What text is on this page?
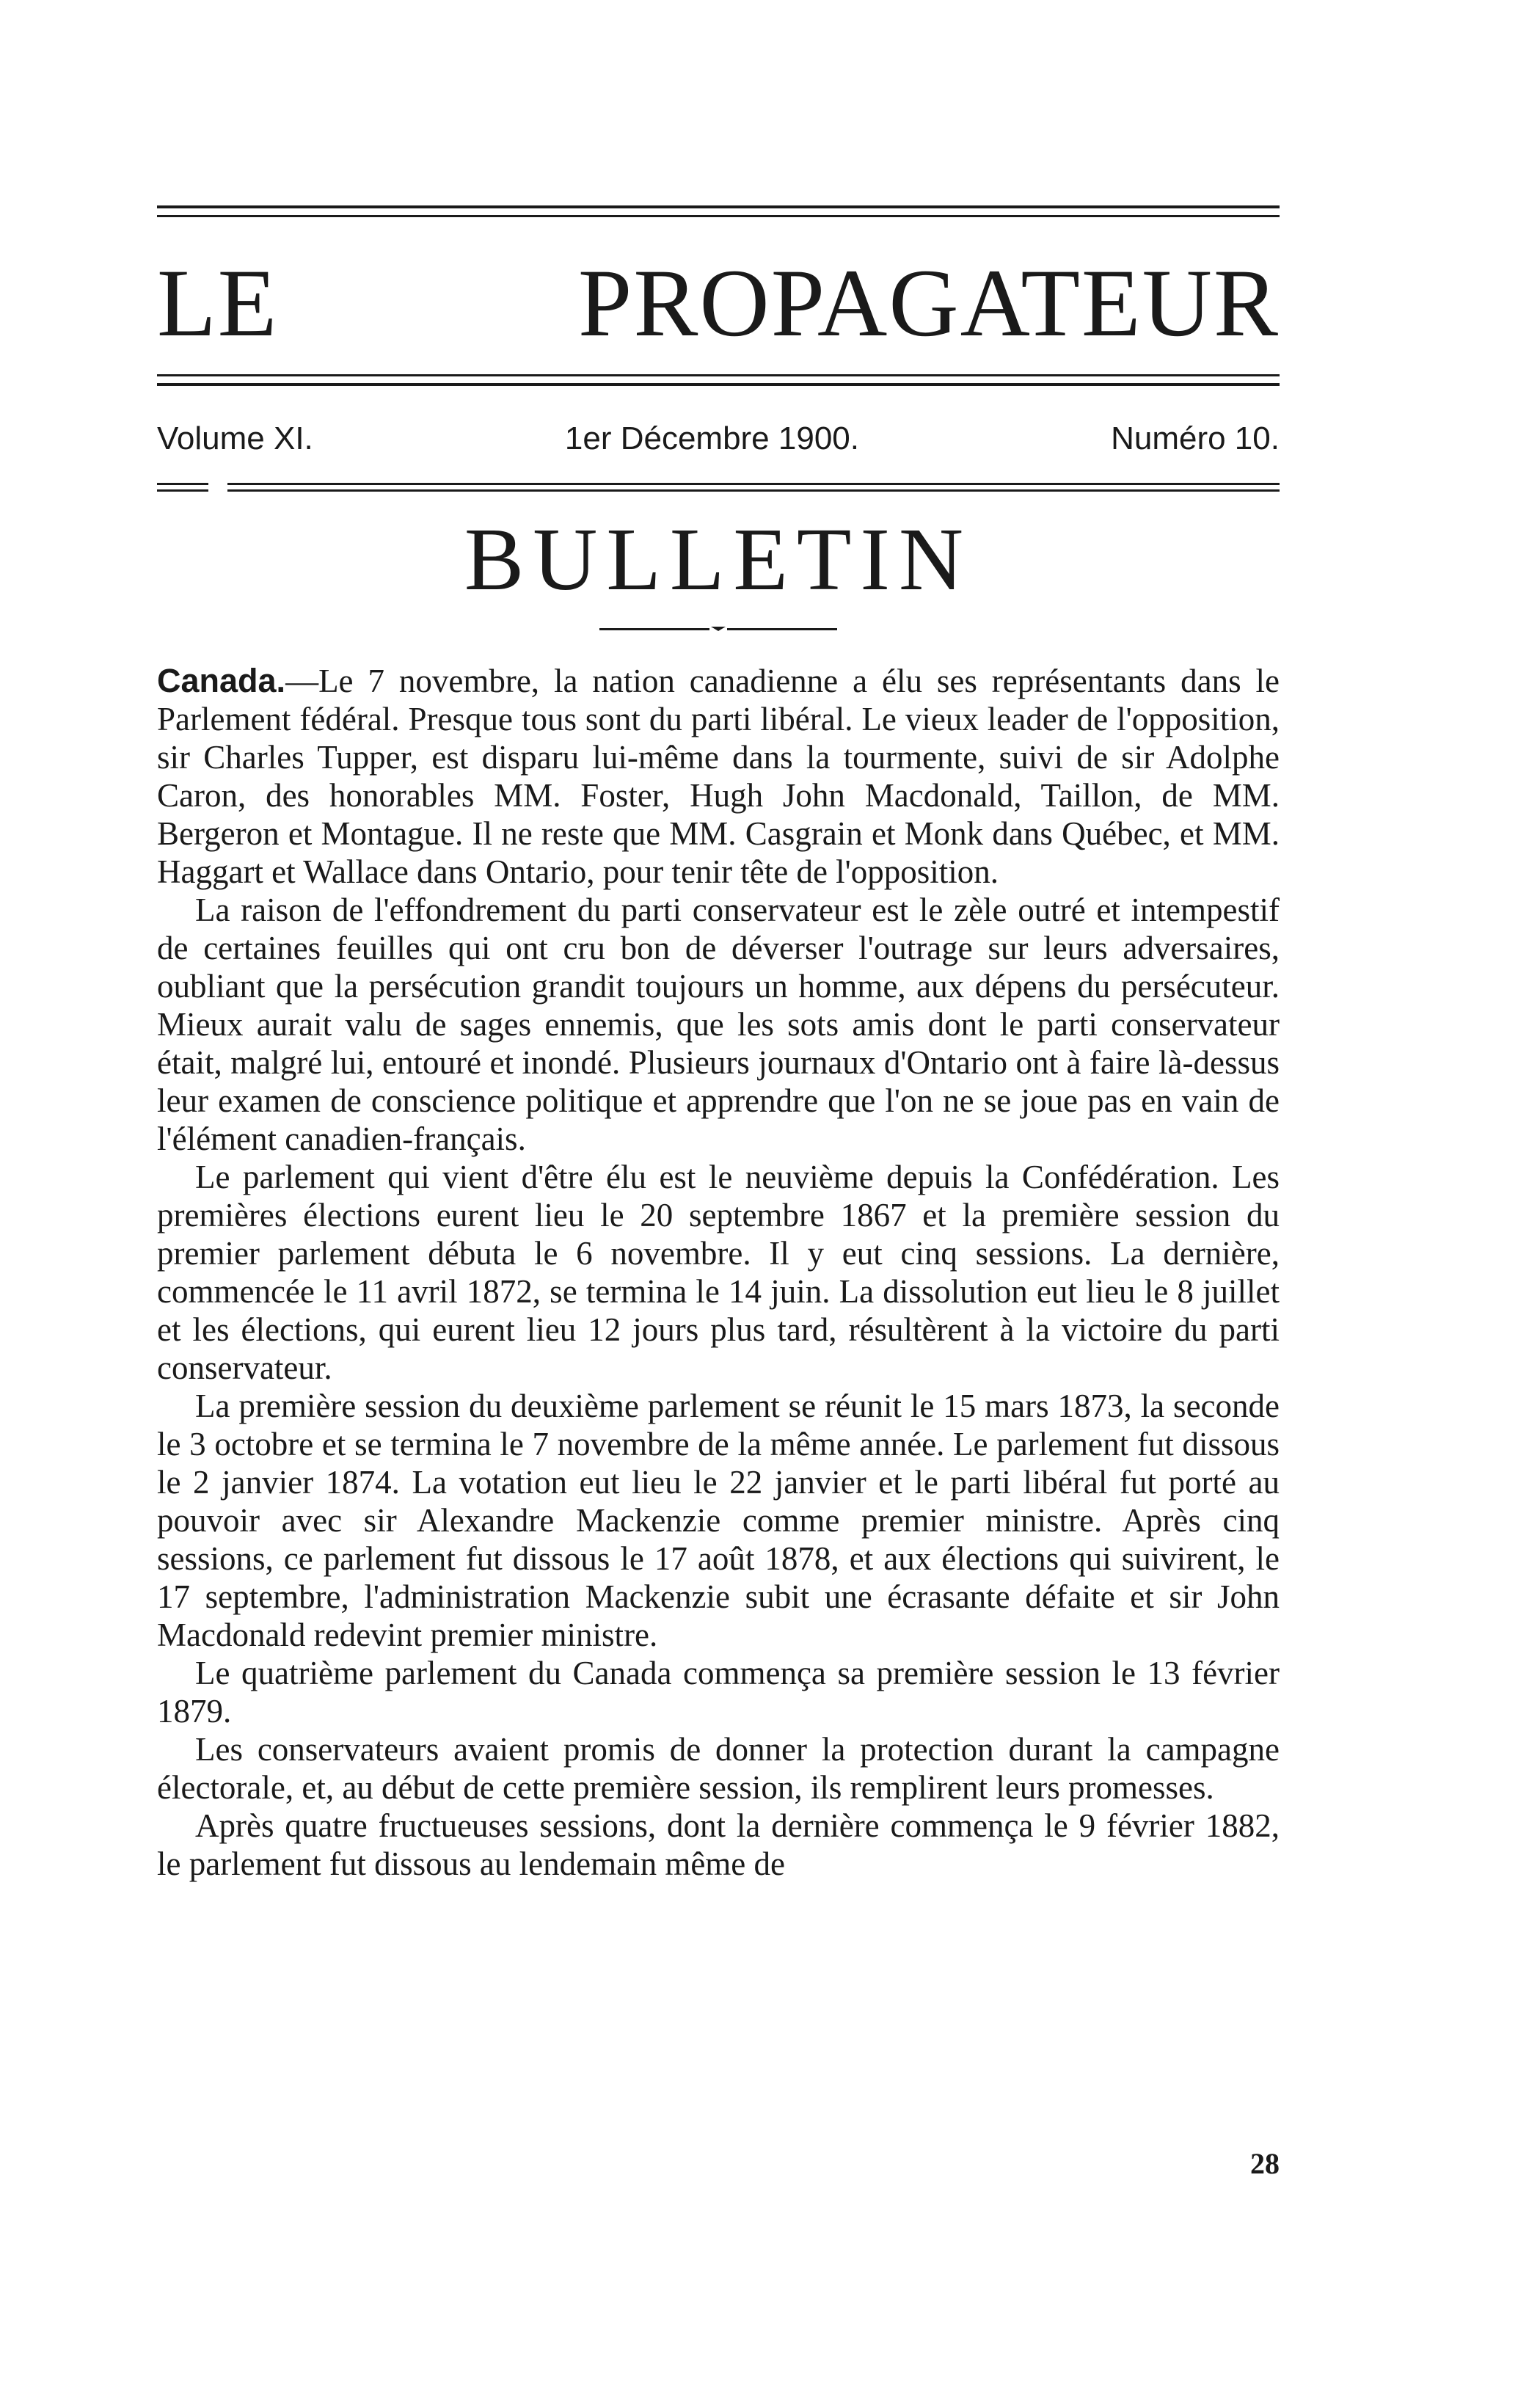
LE PROPAGATEUR
Volume XI.	1er Décembre 1900.	Numéro 10.
BULLETIN

Canada.—Le 7 novembre, la nation canadienne a élu ses représentants dans le Parlement fédéral. Presque tous sont du parti libéral. Le vieux leader de l'opposition, sir Charles Tupper, est disparu lui-même dans la tourmente, suivi de sir Adolphe Caron, des honorables MM. Foster, Hugh John Macdonald, Taillon, de MM. Bergeron et Montague. Il ne reste que MM. Casgrain et Monk dans Québec, et MM. Haggart et Wallace dans Ontario, pour tenir tête de l'opposition.

La raison de l'effondrement du parti conservateur est le zèle outré et intempestif de certaines feuilles qui ont cru bon de déverser l'outrage sur leurs adversaires, oubliant que la persécution grandit toujours un homme, aux dépens du persécuteur. Mieux aurait valu de sages ennemis, que les sots amis dont le parti conservateur était, malgré lui, entouré et inondé. Plusieurs journaux d'Ontario ont à faire là-dessus leur examen de conscience politique et apprendre que l'on ne se joue pas en vain de l'élément canadien-français.

Le parlement qui vient d'être élu est le neuvième depuis la Confédération. Les premières élections eurent lieu le 20 septembre 1867 et la première session du premier parlement débuta le 6 novembre. Il y eut cinq sessions. La dernière, commencée le 11 avril 1872, se termina le 14 juin. La dissolution eut lieu le 8 juillet et les élections, qui eurent lieu 12 jours plus tard, résultèrent à la victoire du parti conservateur.

La première session du deuxième parlement se réunit le 15 mars 1873, la seconde le 3 octobre et se termina le 7 novembre de la même année. Le parlement fut dissous le 2 janvier 1874. La votation eut lieu le 22 janvier et le parti libéral fut porté au pouvoir avec sir Alexandre Mackenzie comme premier ministre. Après cinq sessions, ce parlement fut dissous le 17 août 1878, et aux élections qui suivirent, le 17 septembre, l'administration Mackenzie subit une écrasante défaite et sir John Macdonald redevint premier ministre.

Le quatrième parlement du Canada commença sa première session le 13 février 1879.

Les conservateurs avaient promis de donner la protection durant la campagne électorale, et, au début de cette première session, ils remplirent leurs promesses.

Après quatre fructueuses sessions, dont la dernière commença le 9 février 1882, le parlement fut dissous au lendemain même de

28
